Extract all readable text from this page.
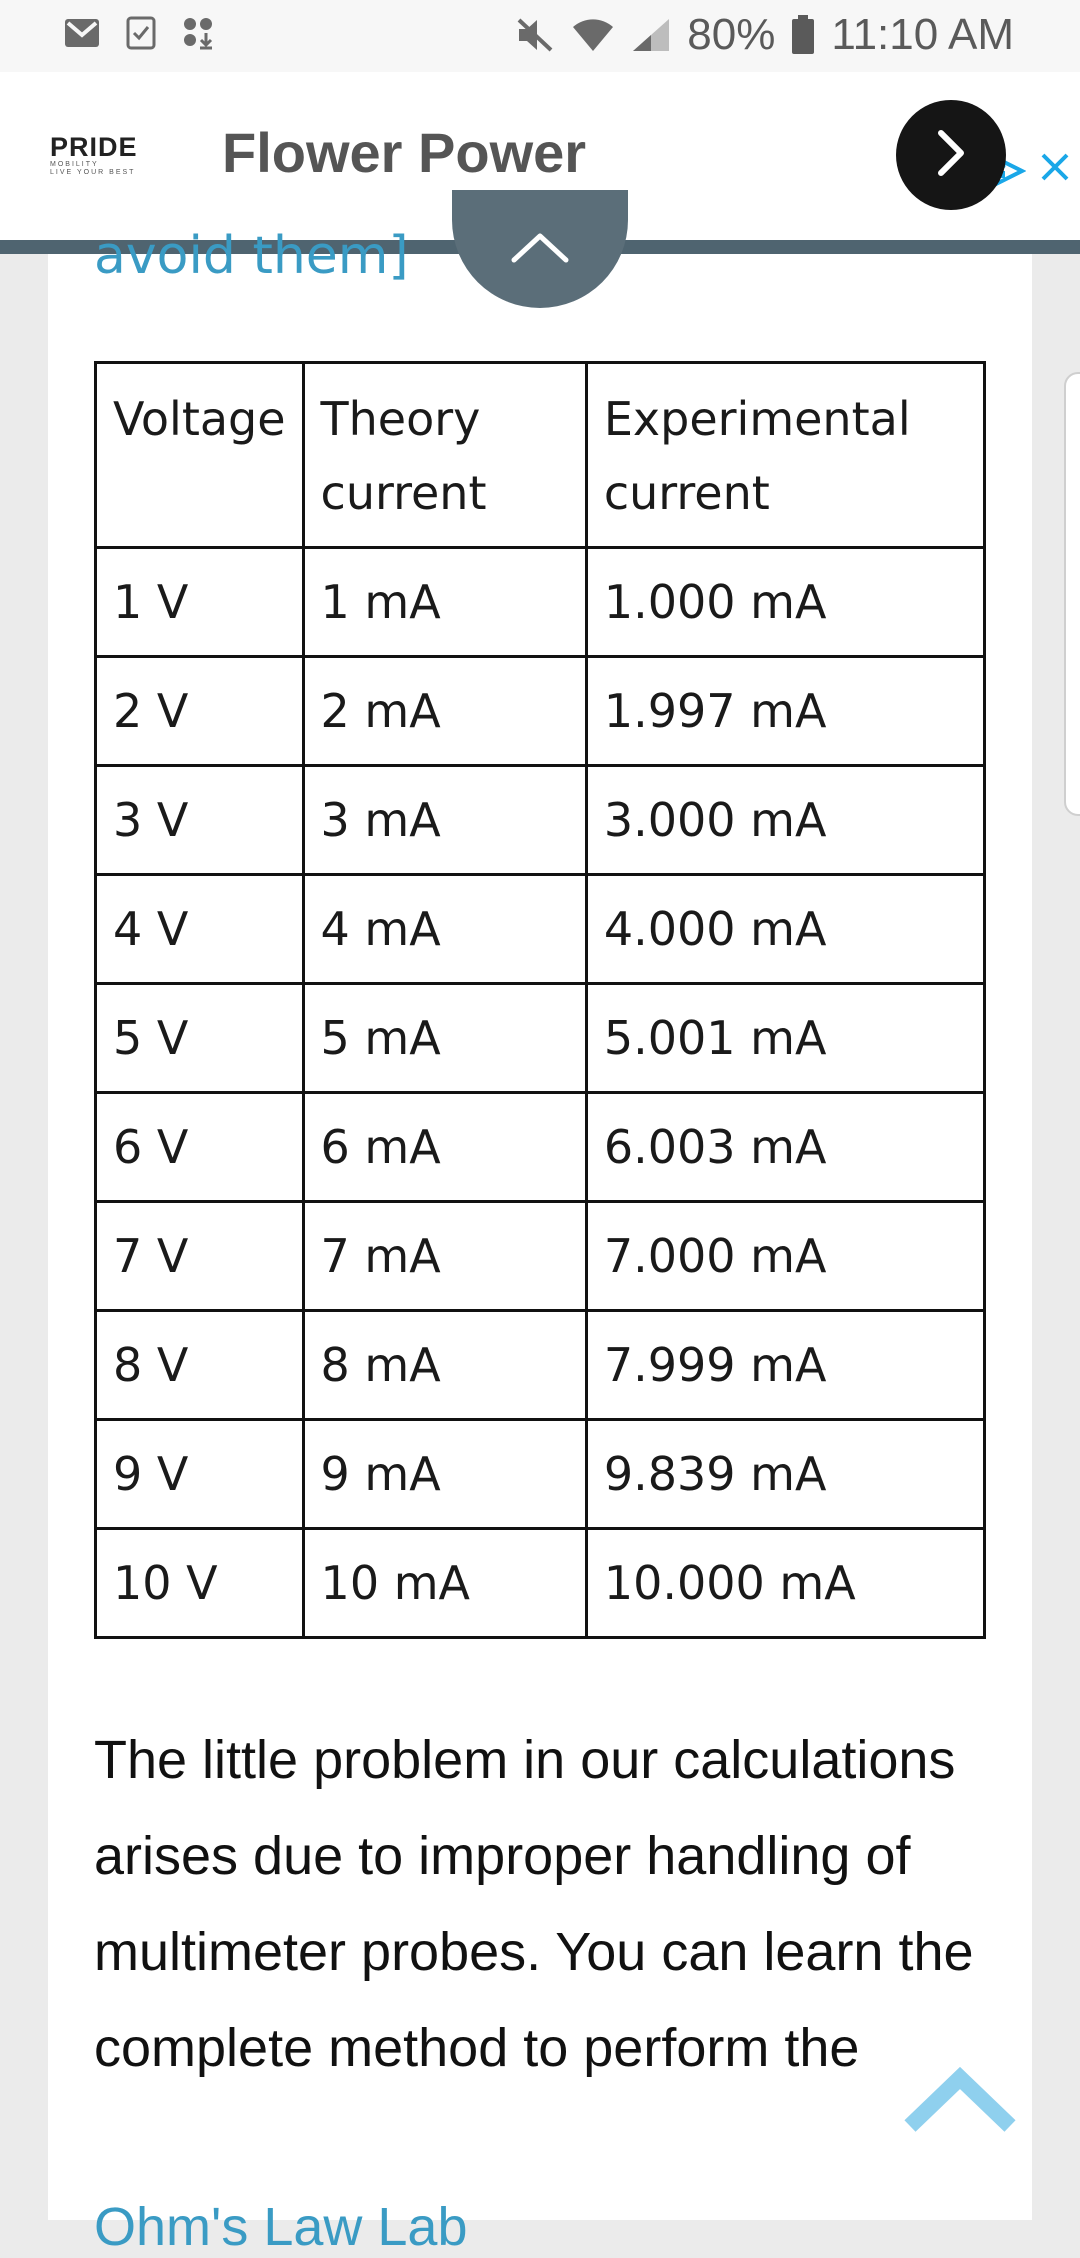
80% 11:10 AM
PRIDE
MOBILITY
LIVE YOUR BEST	Flower Power
avoid them]
Voltage	Theory current	Experimental current
1 V	1 mA	1.000 mA
2 V	2 mA	1.997 mA
3 V	3 mA	3.000 mA
4 V	4 mA	4.000 mA
5 V	5 mA	5.001 mA
6 V	6 mA	6.003 mA
7 V	7 mA	7.000 mA
8 V	8 mA	7.999 mA
9 V	9 mA	9.839 mA
10 V	10 mA	10.000 mA
The little problem in our calculations arises due to improper handling of multimeter probes. You can learn the complete method to perform the
Ohm's Law Lab
